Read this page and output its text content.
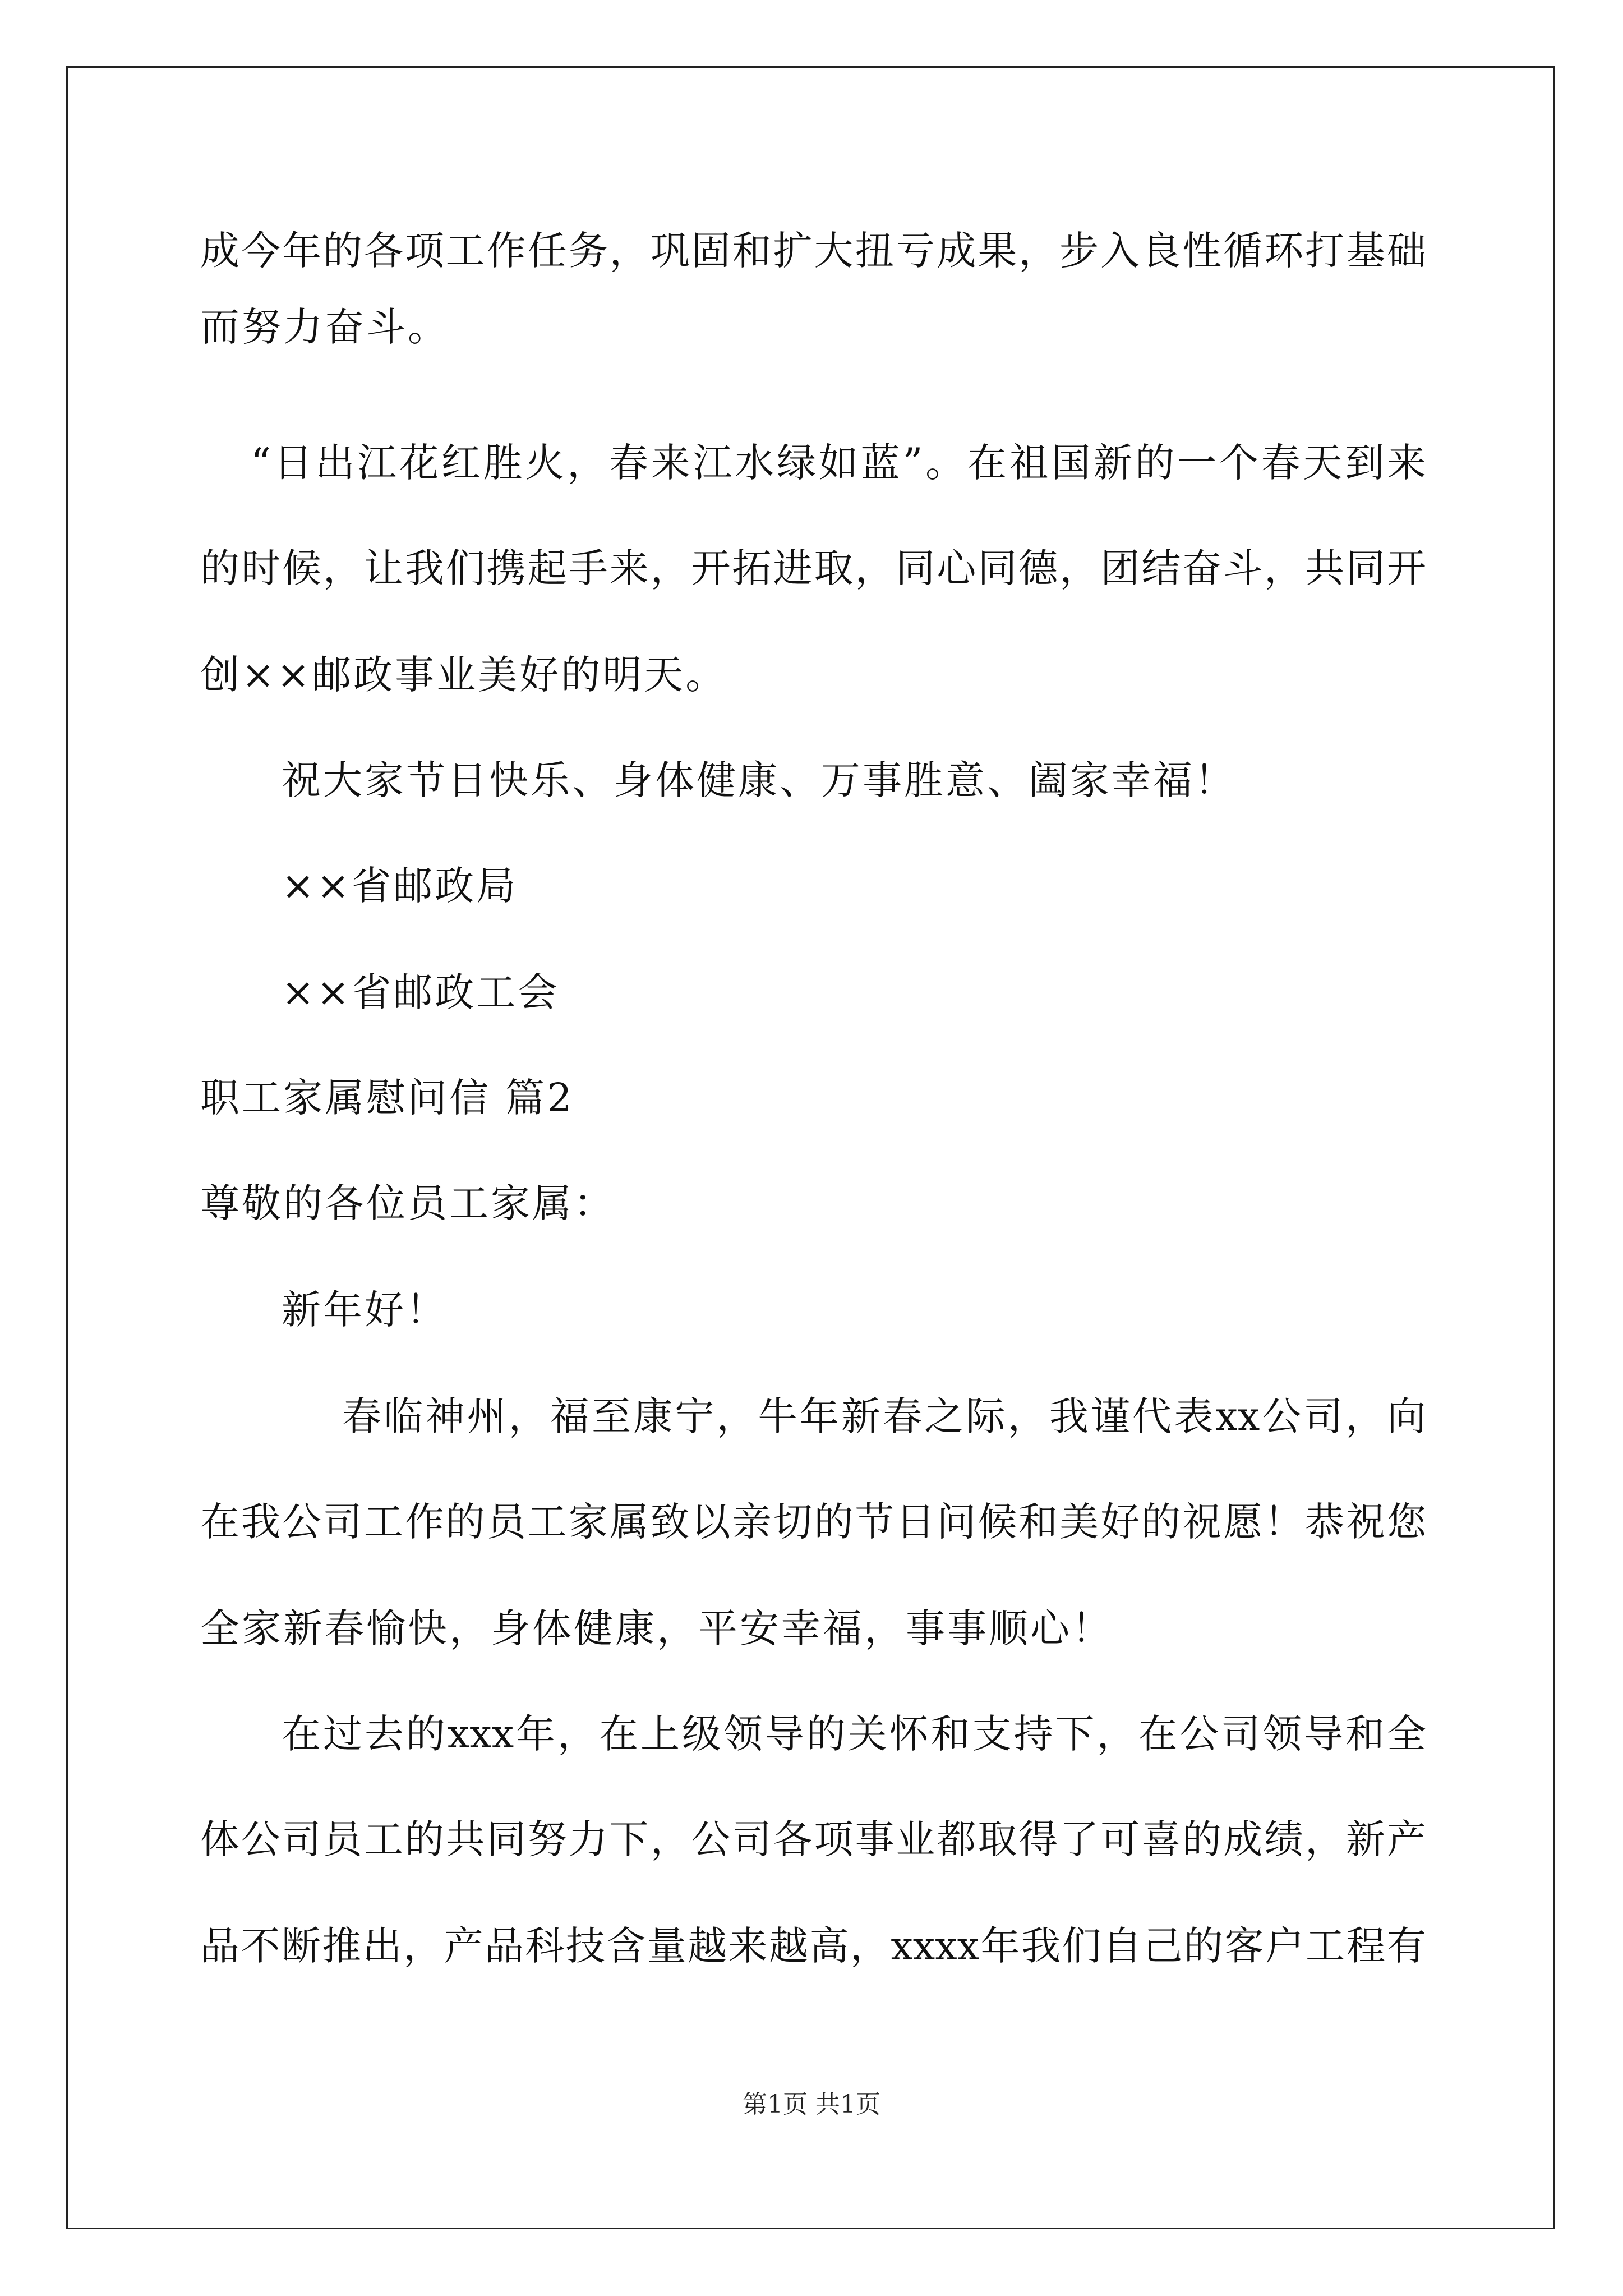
成今年的各项工作任务，巩固和扩大扭亏成果，步入良性循环打基础
而努力奋斗。
“日出江花红胜火，春来江水绿如蓝”。在祖国新的一个春天到来
的时候，让我们携起手来，开拓进取，同心同德，团结奋斗，共同开
创××邮政事业美好的明天。
祝大家节日快乐、身体健康、万事胜意、阖家幸福！
××省邮政局
××省邮政工会
职工家属慰问信 篇2
尊敬的各位员工家属：
新年好！
春临神州，福至康宁，牛年新春之际，我谨代表xx公司，向
在我公司工作的员工家属致以亲切的节日问候和美好的祝愿！恭祝您
全家新春愉快，身体健康，平安幸福，事事顺心！
在过去的xxx年，在上级领导的关怀和支持下，在公司领导和全
体公司员工的共同努力下，公司各项事业都取得了可喜的成绩，新产
品不断推出，产品科技含量越来越高，xxxx年我们自己的客户工程有
第1页 共1页
